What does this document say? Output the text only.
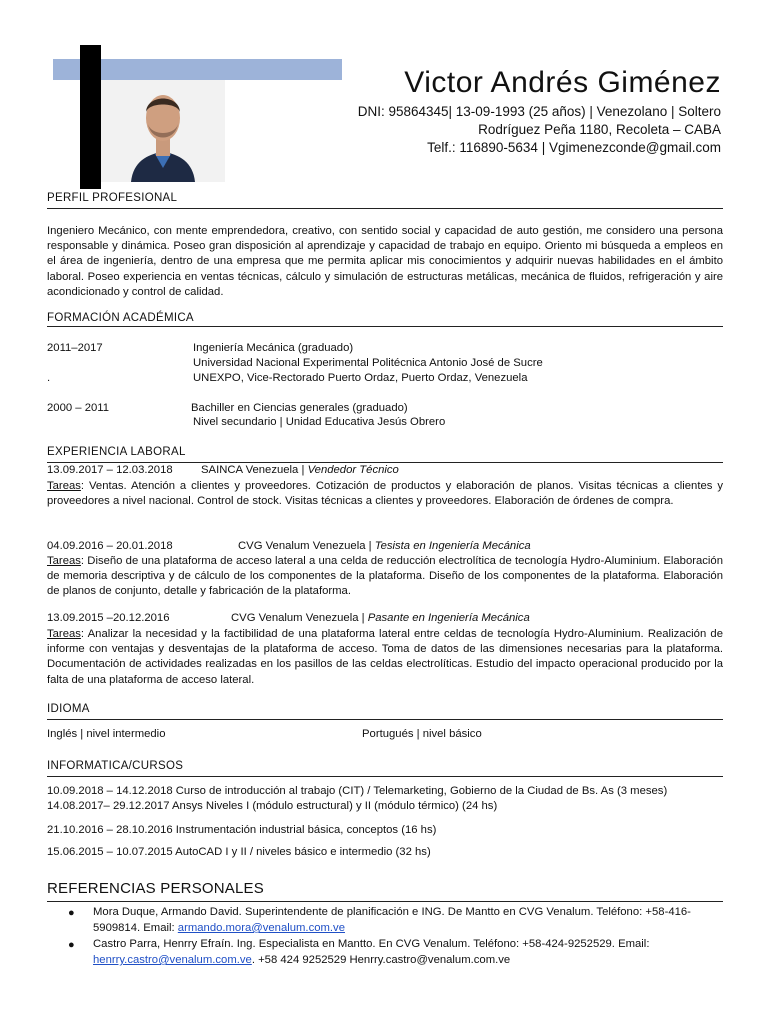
Victor Andrés Giménez
DNI: 95864345| 13-09-1993 (25 años) | Venezolano | Soltero
Rodríguez Peña 1180, Recoleta – CABA
Telf.: 116890-5634 | Vgimenezconde@gmail.com
PERFIL PROFESIONAL
Ingeniero Mecánico, con mente emprendedora, creativo, con sentido social y capacidad de auto gestión, me considero una persona responsable y dinámica. Poseo gran disposición al aprendizaje y capacidad de trabajo en equipo. Oriento mi búsqueda a empleos en el área de ingeniería, dentro de una empresa que me permita aplicar mis conocimientos y adquirir nuevas habilidades en el ámbito laboral. Poseo experiencia en ventas técnicas, cálculo y simulación de estructuras metálicas, mecánica de fluidos, refrigeración y aire acondicionado y control de calidad.
FORMACIÓN ACADÉMICA
2011–2017	Ingeniería Mecánica (graduado)
Universidad Nacional Experimental Politécnica Antonio José de Sucre
.	UNEXPO, Vice-Rectorado Puerto Ordaz, Puerto Ordaz, Venezuela
2000 – 2011	Bachiller en Ciencias generales (graduado)
Nivel secundario | Unidad Educativa Jesús Obrero
EXPERIENCIA LABORAL
13.09.2017 – 12.03.2018	SAINCA Venezuela | Vendedor Técnico
Tareas: Ventas. Atención a clientes y proveedores. Cotización de productos y elaboración de planos. Visitas técnicas a clientes y proveedores a nivel nacional. Control de stock. Visitas técnicas a clientes y proveedores. Elaboración de órdenes de compra.
04.09.2016 – 20.01.2018	CVG Venalum Venezuela | Tesista en Ingeniería Mecánica
Tareas: Diseño de una plataforma de acceso lateral a una celda de reducción electrolítica de tecnología Hydro-Aluminium. Elaboración de memoria descriptiva y de cálculo de los componentes de la plataforma. Diseño de los componentes de la plataforma. Elaboración de planos de conjunto, detalle y fabricación de la plataforma.
13.09.2015 –20.12.2016	CVG Venalum Venezuela | Pasante en Ingeniería Mecánica
Tareas: Analizar la necesidad y la factibilidad de una plataforma lateral entre celdas de tecnología Hydro-Aluminium. Realización de informe con ventajas y desventajas de la plataforma de acceso. Toma de datos de las dimensiones necesarias para la plataforma. Documentación de actividades realizadas en los pasillos de las celdas electrolíticas. Estudio del impacto operacional producido por la falta de una plataforma de acceso lateral.
IDIOMA
Inglés | nivel intermedio	Portugués | nivel básico
INFORMATICA/CURSOS
10.09.2018 – 14.12.2018 Curso de introducción al trabajo (CIT) / Telemarketing, Gobierno de la Ciudad de Bs. As (3 meses)
14.08.2017– 29.12.2017 Ansys Niveles I (módulo estructural) y II (módulo térmico) (24 hs)
21.10.2016 – 28.10.2016 Instrumentación industrial básica, conceptos (16 hs)
15.06.2015 – 10.07.2015 AutoCAD I y II / niveles básico e intermedio (32 hs)
REFERENCIAS PERSONALES
● Mora Duque, Armando David. Superintendente de planificación e ING. De Mantto en CVG Venalum. Teléfono: +58-416-5909814. Email: armando.mora@venalum.com.ve
● Castro Parra, Henrry Efraín. Ing. Especialista en Mantto. En CVG Venalum. Teléfono: +58-424-9252529. Email: henrry.castro@venalum.com.ve. +58 424 9252529 Henrry.castro@venalum.com.ve
